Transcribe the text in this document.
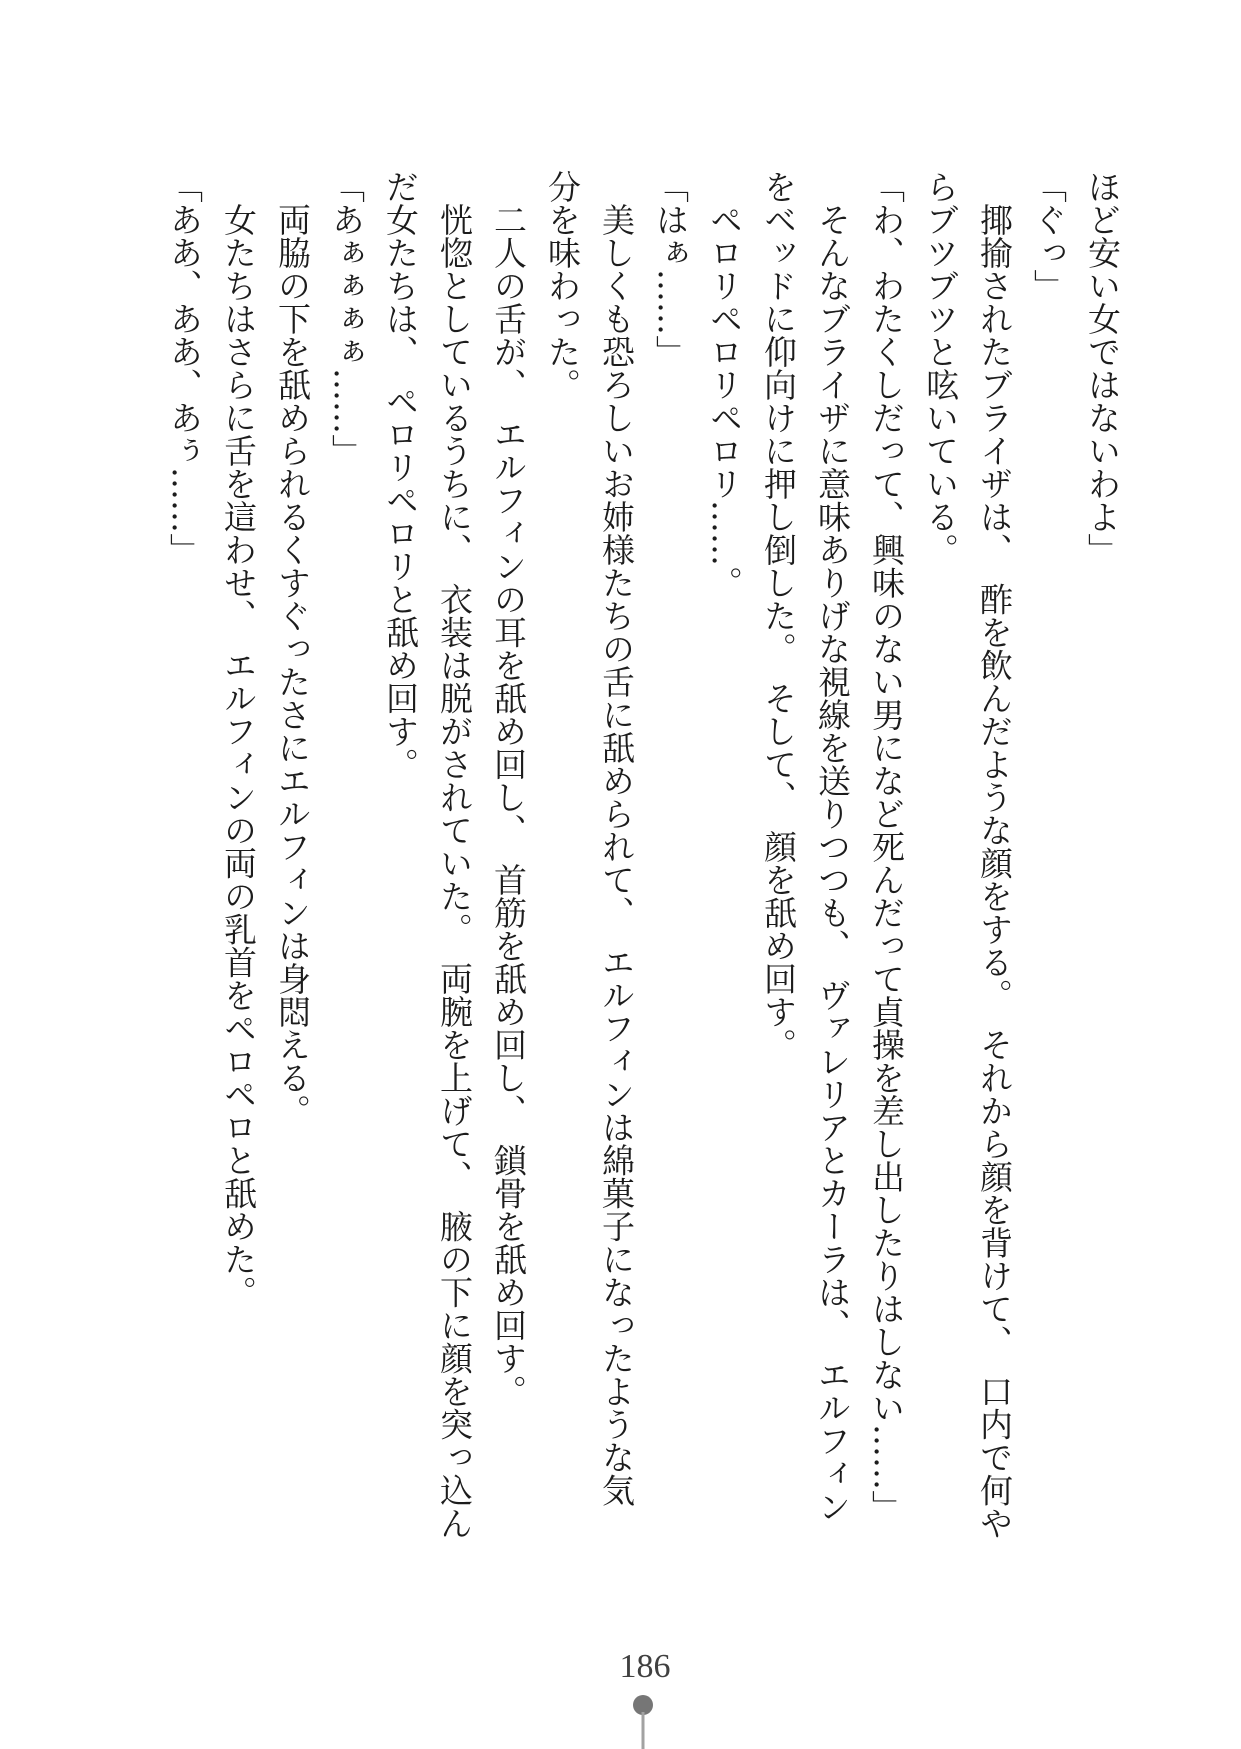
ほど安い女ではないわよ」

「ぐっ」

　揶揄されたブライザは、　酢を飲んだような顔をする。　それから顔を背けて、　口内で何や

らブツブツと呟いている。

「わ、わたくしだって、興味のない男になど死んだって貞操を差し出したりはしない……」

　そんなブライザに意味ありげな視線を送りつつも、　ヴァレリアとカーラは、　エルフィン

をベッドに仰向けに押し倒した。　そして、　顔を舐め回す。

　ペロリペロリペロリ……。

「はぁ……」

　美しくも恐ろしいお姉様たちの舌に舐められて、　エルフィンは綿菓子になったような気

分を味わった。

　二人の舌が、　エルフィンの耳を舐め回し、　首筋を舐め回し、　鎖骨を舐め回す。

　恍惚としているうちに、　衣装は脱がされていた。　両腕を上げて、　腋の下に顔を突っ込ん

だ女たちは、　ペロリペロリと舐め回す。

「あぁぁぁぁ……」

　両脇の下を舐められるくすぐったさにエルフィンは身悶える。

　女たちはさらに舌を這わせ、　エルフィンの両の乳首をペロペロと舐めた。

「ああ、ああ、あぅ……」

186
